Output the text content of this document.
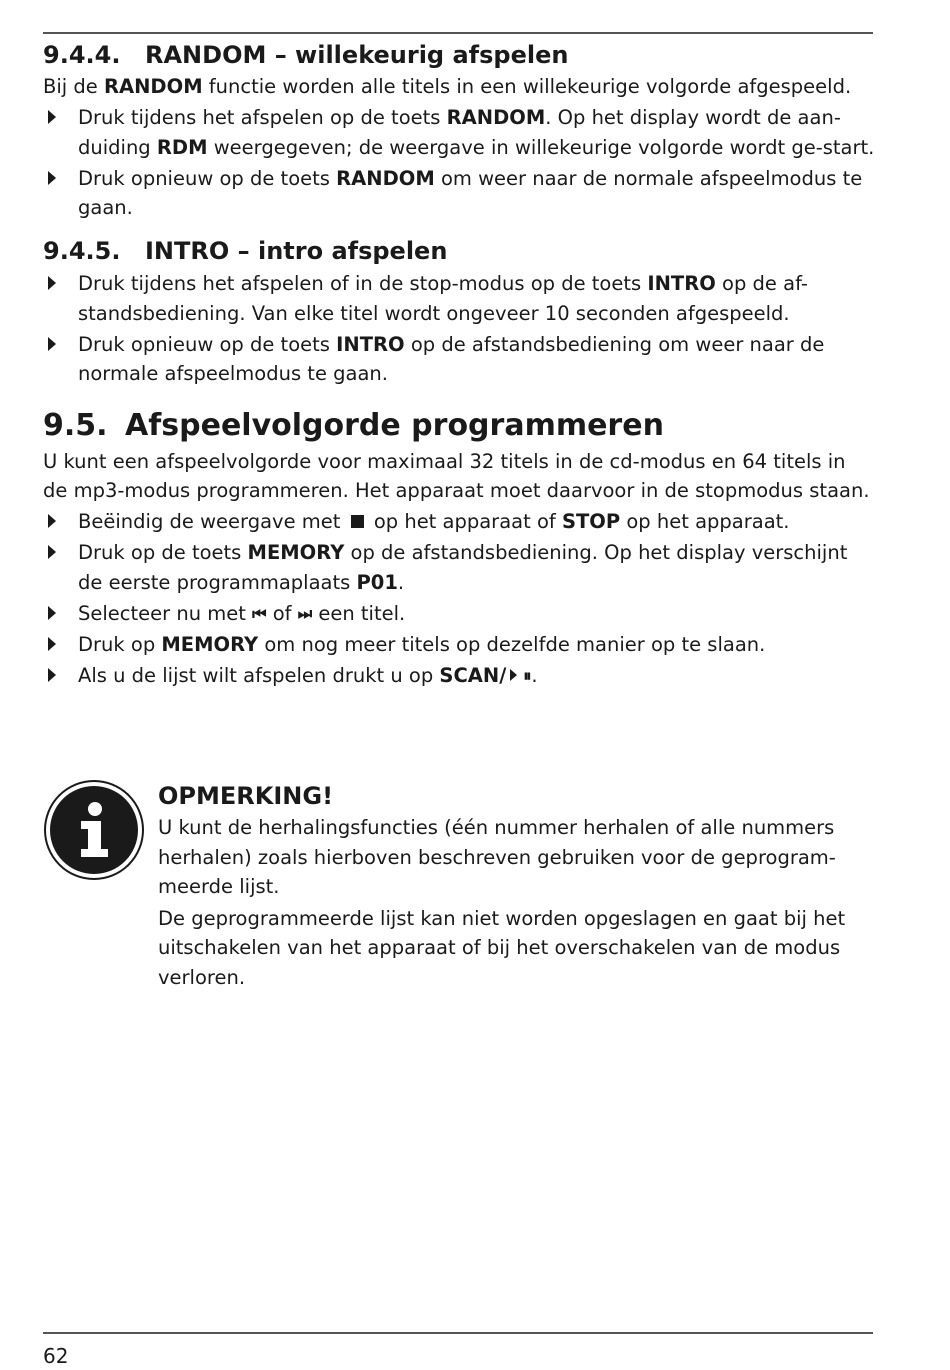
9.4.4.	RANDOM – willekeurig afspelen

Bij de RANDOM functie worden alle titels in een willekeurige volgorde afgespeeld.

Druk tijdens het afspelen op de toets RANDOM. Op het display wordt de aan-duiding RDM weergegeven; de weergave in willekeurige volgorde wordt ge-start.
Druk opnieuw op de toets RANDOM om weer naar de normale afspeelmodus te gaan.
9.4.5.	INTRO – intro afspelen
Druk tijdens het afspelen of in de stop-modus op de toets INTRO op de af-standsbediening. Van elke titel wordt ongeveer 10 seconden afgespeeld.
Druk opnieuw op de toets INTRO op de afstandsbediening om weer naar de normale afspeelmodus te gaan.
9.5. Afspeelvolgorde programmeren

U kunt een afspeelvolgorde voor maximaal 32 titels in de cd-modus en 64 titels in de mp3-modus programmeren. Het apparaat moet daarvoor in de stopmodus staan.

Beëindig de weergave met  op het apparaat of STOP op het apparaat.
Druk op de toets MEMORY op de afstandsbediening. Op het display verschijnt de eerste programmaplaats P01.
Selecteer nu met ⏮ of ⏭ een titel.
Druk op MEMORY om nog meer titels op dezelfde manier op te slaan.
Als u de lijst wilt afspelen drukt u op SCAN/ ⏸.

OPMERKING!

U kunt de herhalingsfuncties (één nummer herhalen of alle nummers herhalen) zoals hierboven beschreven gebruiken voor de geprogram-meerde lijst.

De geprogrammeerde lijst kan niet worden opgeslagen en gaat bij het uitschakelen van het apparaat of bij het overschakelen van de modus verloren.

62
